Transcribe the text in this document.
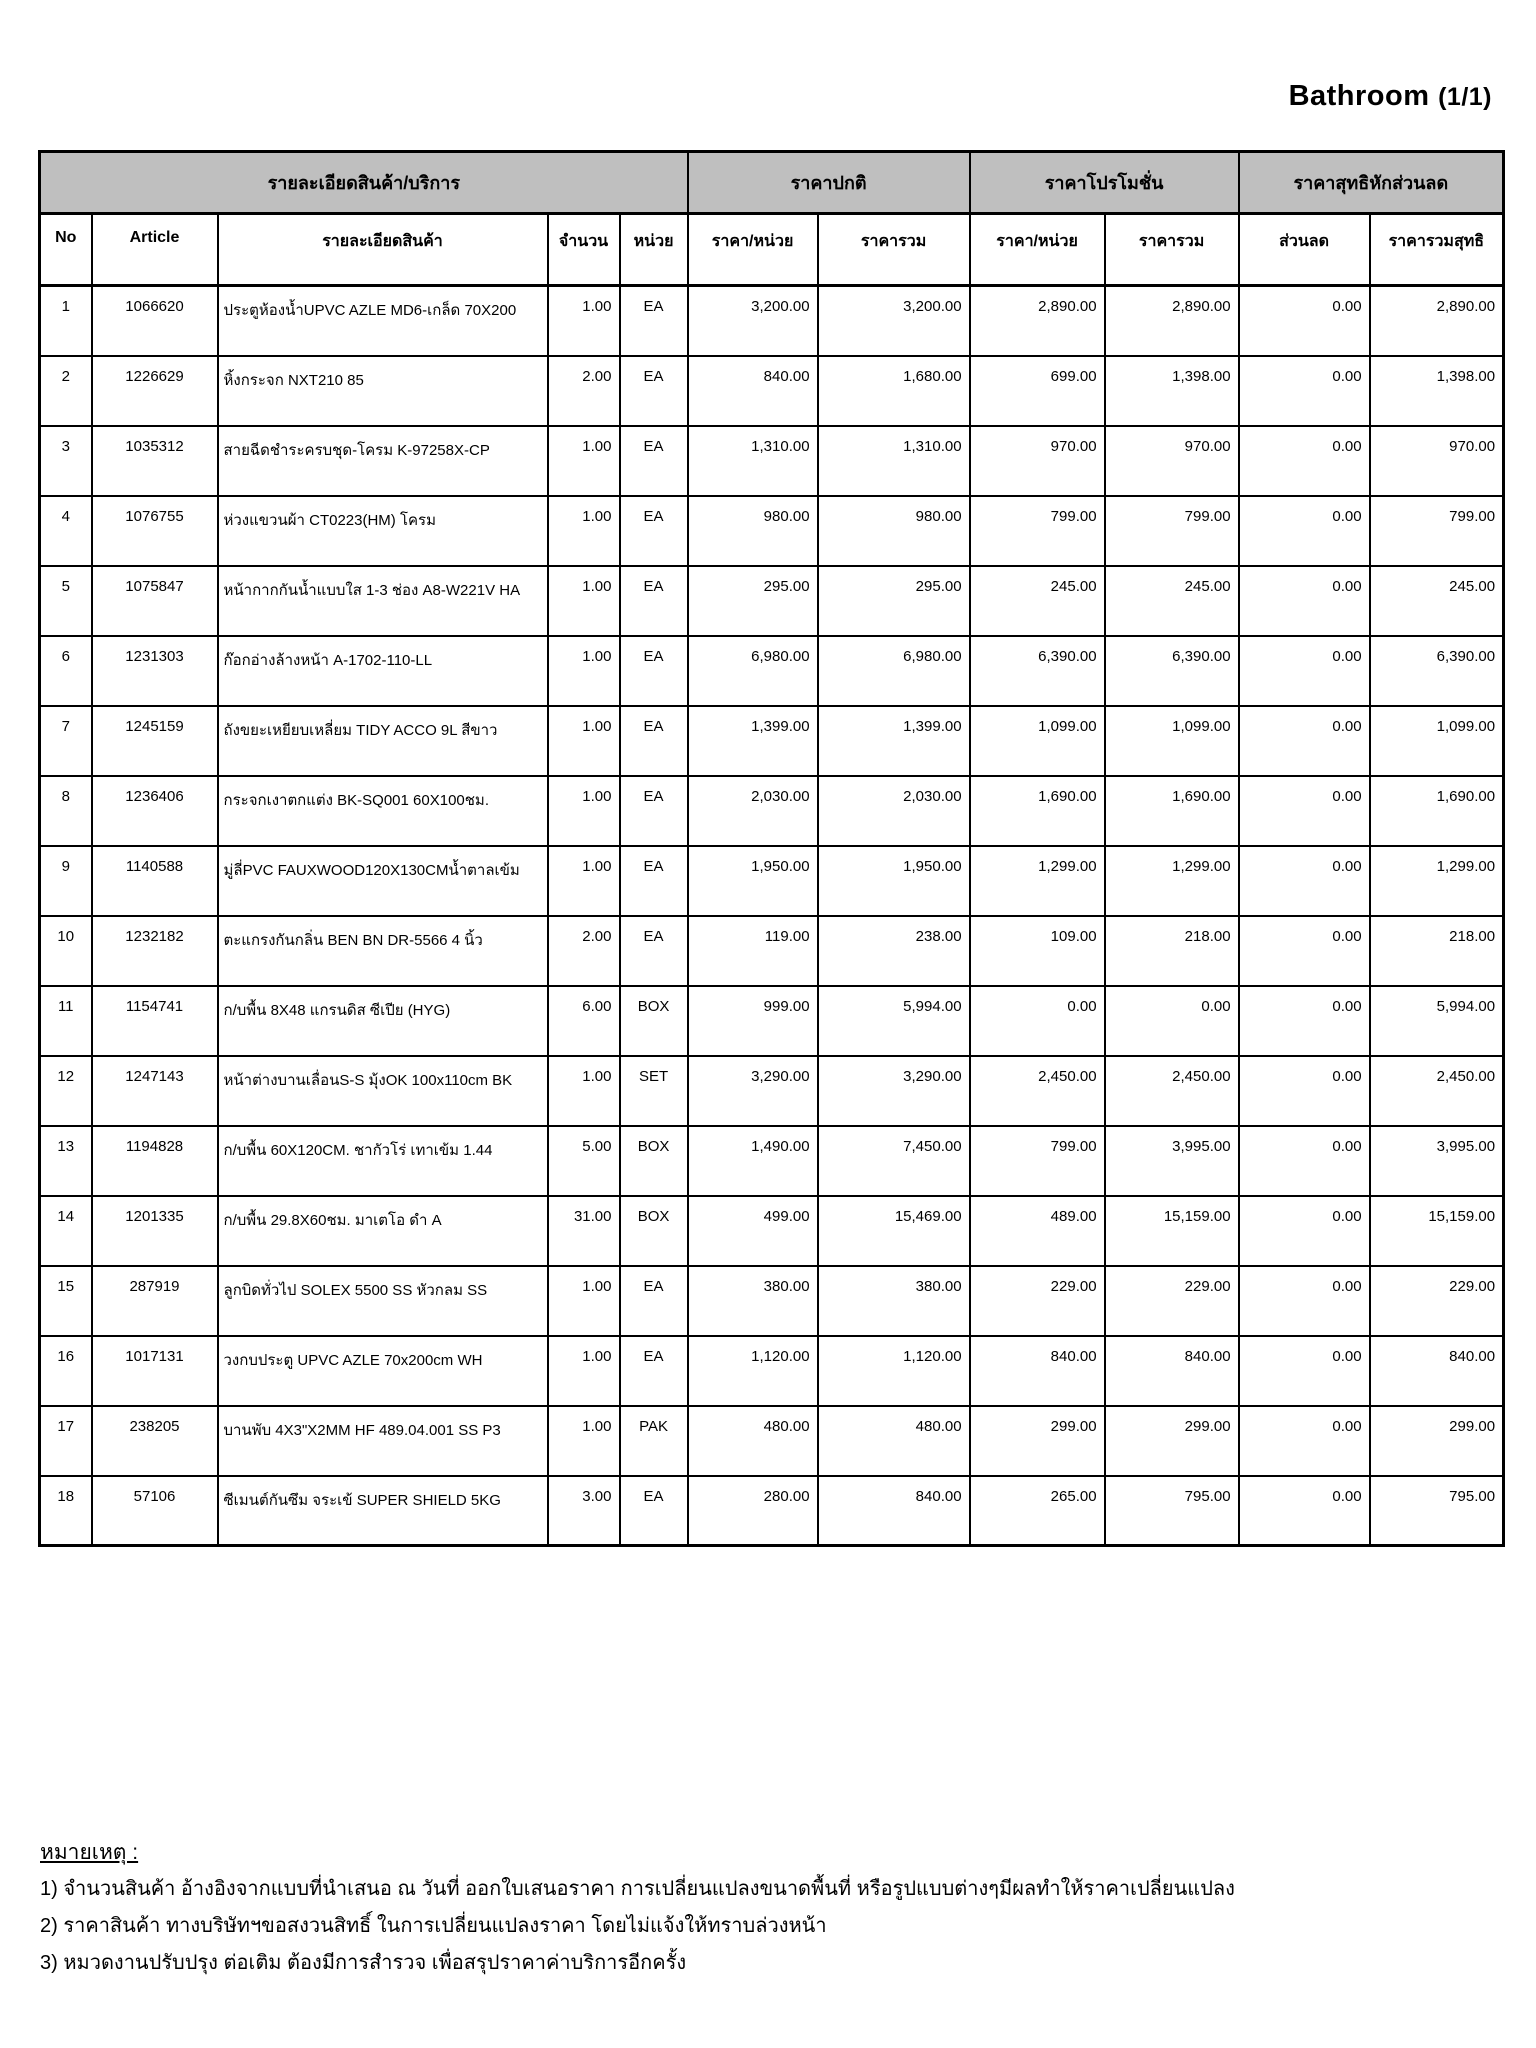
Bathroom (1/1)
รายละเอียดสินค้า/บริการ					ราคาปกติ		ราคาโปรโมชั่น		ราคาสุทธิหักส่วนลด	
No	Article	รายละเอียดสินค้า	จำนวน	หน่วย	ราคา/หน่วย	ราคารวม	ราคา/หน่วย	ราคารวม	ส่วนลด	ราคารวมสุทธิ
1	1066620	ประตูห้องน้ำUPVC AZLE MD6-เกล็ด 70X200	1.00	EA	3,200.00	3,200.00	2,890.00	2,890.00	0.00	2,890.00
2	1226629	หิ้งกระจก NXT210 85	2.00	EA	840.00	1,680.00	699.00	1,398.00	0.00	1,398.00
3	1035312	สายฉีดชำระครบชุด-โครม K-97258X-CP	1.00	EA	1,310.00	1,310.00	970.00	970.00	0.00	970.00
4	1076755	ห่วงแขวนผ้า CT0223(HM) โครม	1.00	EA	980.00	980.00	799.00	799.00	0.00	799.00
5	1075847	หน้ากากกันน้ำแบบใส 1-3 ช่อง A8-W221V HA	1.00	EA	295.00	295.00	245.00	245.00	0.00	245.00
6	1231303	ก๊อกอ่างล้างหน้า A-1702-110-LL	1.00	EA	6,980.00	6,980.00	6,390.00	6,390.00	0.00	6,390.00
7	1245159	ถังขยะเหยียบเหลี่ยม TIDY ACCO 9L สีขาว	1.00	EA	1,399.00	1,399.00	1,099.00	1,099.00	0.00	1,099.00
8	1236406	กระจกเงาตกแต่ง BK-SQ001 60X100ชม.	1.00	EA	2,030.00	2,030.00	1,690.00	1,690.00	0.00	1,690.00
9	1140588	มู่ลี่PVC FAUXWOOD120X130CMน้ำตาลเข้ม	1.00	EA	1,950.00	1,950.00	1,299.00	1,299.00	0.00	1,299.00
10	1232182	ตะแกรงกันกลิ่น BEN BN DR-5566 4 นิ้ว	2.00	EA	119.00	238.00	109.00	218.00	0.00	218.00
11	1154741	ก/บพื้น 8X48 แกรนดิส ซีเปีย (HYG)	6.00	BOX	999.00	5,994.00	0.00	0.00	0.00	5,994.00
12	1247143	หน้าต่างบานเลื่อนS-S มุ้งOK 100x110cm BK	1.00	SET	3,290.00	3,290.00	2,450.00	2,450.00	0.00	2,450.00
13	1194828	ก/บพื้น 60X120CM. ชากัวโร่ เทาเข้ม 1.44	5.00	BOX	1,490.00	7,450.00	799.00	3,995.00	0.00	3,995.00
14	1201335	ก/บพื้น 29.8X60ชม. มาเตโอ ดำ A	31.00	BOX	499.00	15,469.00	489.00	15,159.00	0.00	15,159.00
15	287919	ลูกบิดทั่วไป SOLEX 5500 SS หัวกลม SS	1.00	EA	380.00	380.00	229.00	229.00	0.00	229.00
16	1017131	วงกบประตู UPVC AZLE 70x200cm WH	1.00	EA	1,120.00	1,120.00	840.00	840.00	0.00	840.00
17	238205	บานพับ 4X3"X2MM HF 489.04.001 SS P3	1.00	PAK	480.00	480.00	299.00	299.00	0.00	299.00
18	57106	ซีเมนต์กันซึม จระเข้ SUPER SHIELD 5KG	3.00	EA	280.00	840.00	265.00	795.00	0.00	795.00

หมายเหตุ :

1) จำนวนสินค้า อ้างอิงจากแบบที่นำเสนอ ณ วันที่ ออกใบเสนอราคา การเปลี่ยนแปลงขนาดพื้นที่ หรือรูปแบบต่างๆมีผลทำให้ราคาเปลี่ยนแปลง

2) ราคาสินค้า ทางบริษัทฯขอสงวนสิทธิ์ ในการเปลี่ยนแปลงราคา โดยไม่แจ้งให้ทราบล่วงหน้า

3) หมวดงานปรับปรุง ต่อเติม ต้องมีการสำรวจ เพื่อสรุปราคาค่าบริการอีกครั้ง
